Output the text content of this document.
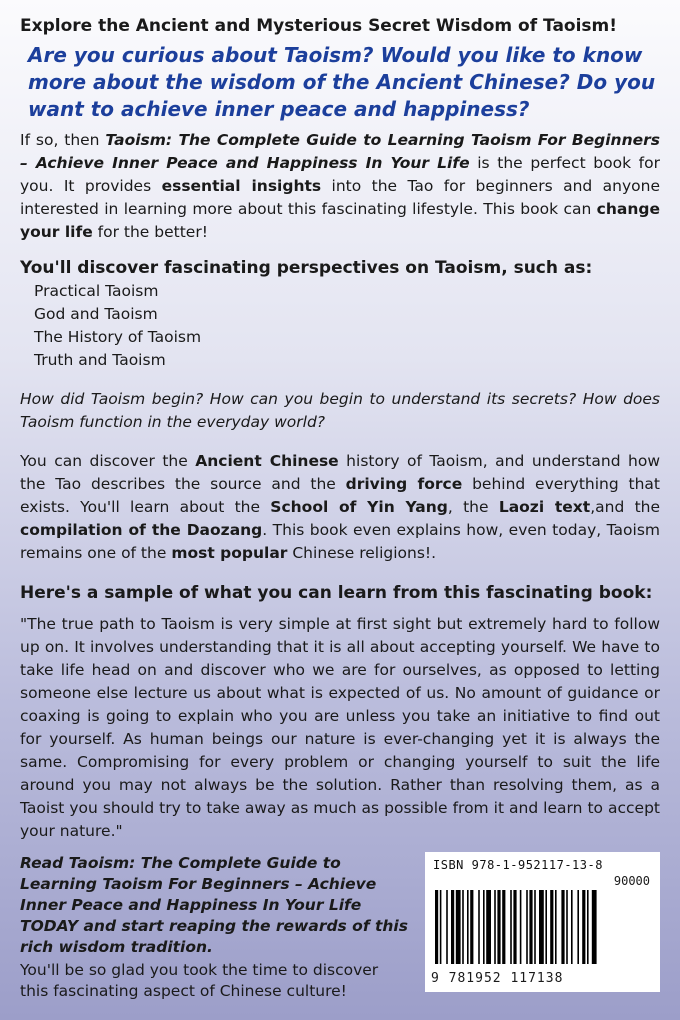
Explore the Ancient and Mysterious Secret Wisdom of Taoism!

Are you curious about Taoism? Would you like to know more about the wisdom of the Ancient Chinese? Do you want to achieve inner peace and happiness?

If so, then Taoism: The Complete Guide to Learning Taoism For Beginners – Achieve Inner Peace and Happiness In Your Life is the perfect book for you. It provides essential insights into the Tao for beginners and anyone interested in learning more about this fascinating lifestyle. This book can change your life for the better!

You'll discover fascinating perspectives on Taoism, such as:

Practical Taoism
God and Taoism
The History of Taoism
Truth and Taoism

How did Taoism begin? How can you begin to understand its secrets? How does Taoism function in the everyday world?

You can discover the Ancient Chinese history of Taoism, and understand how the Tao describes the source and the driving force behind everything that exists. You'll learn about the School of Yin Yang, the Laozi text,and the compilation of the Daozang. This book even explains how, even today, Taoism remains one of the most popular Chinese religions!.

Here's a sample of what you can learn from this fascinating book:

"The true path to Taoism is very simple at first sight but extremely hard to follow up on. It involves understanding that it is all about accepting yourself. We have to take life head on and discover who we are for ourselves, as opposed to letting someone else lecture us about what is expected of us. No amount of guidance or coaxing is going to explain who you are unless you take an initiative to find out for yourself. As human beings our nature is ever-changing yet it is always the same. Compromising for every problem or changing yourself to suit the life around you may not always be the solution. Rather than resolving them, as a Taoist you should try to take away as much as possible from it and learn to accept your nature."

Read Taoism: The Complete Guide to Learning Taoism For Beginners – Achieve Inner Peace and Happiness In Your Life TODAY and start reaping the rewards of this rich wisdom tradition.

You'll be so glad you took the time to discover this fascinating aspect of Chinese culture!

ISBN 978-1-952117-13-8
90000
9 781952 117138
